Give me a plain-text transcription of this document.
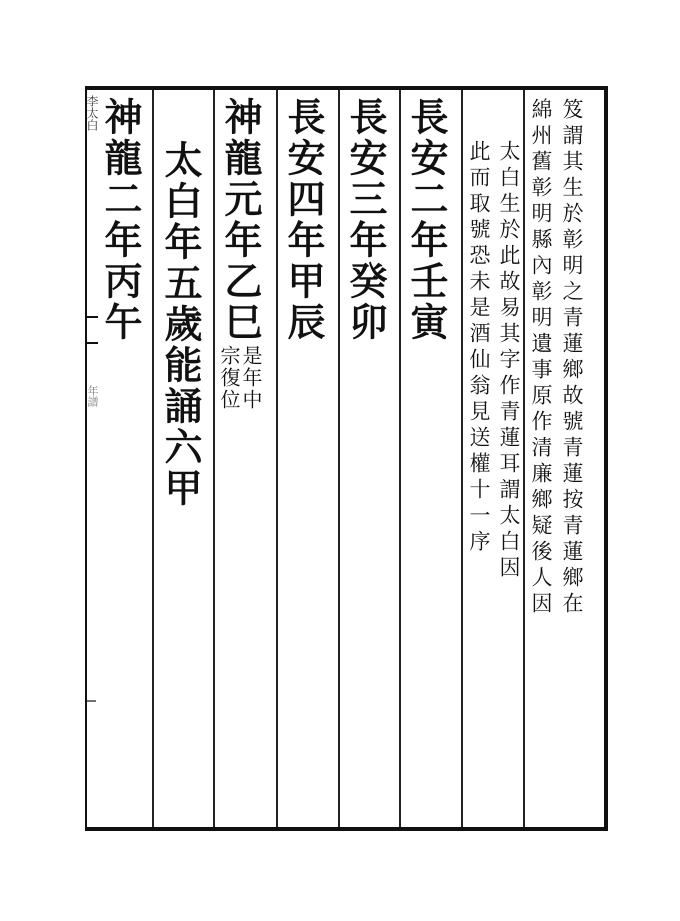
李太白
年譜	笈謂其生於彰明之青蓮鄉故號青蓮按青蓮鄉在
綿州舊彰明縣內彰明遺事原作清廉鄉疑後人因
太白生於此故易其字作青蓮耳謂太白因
此而取號恐未是酒仙翁見送權十一序
長安二年壬寅
長安三年癸卯
長安四年甲辰
神龍元年乙巳
是年中
宗復位
太白年五歲能誦六甲
神龍二年丙午
